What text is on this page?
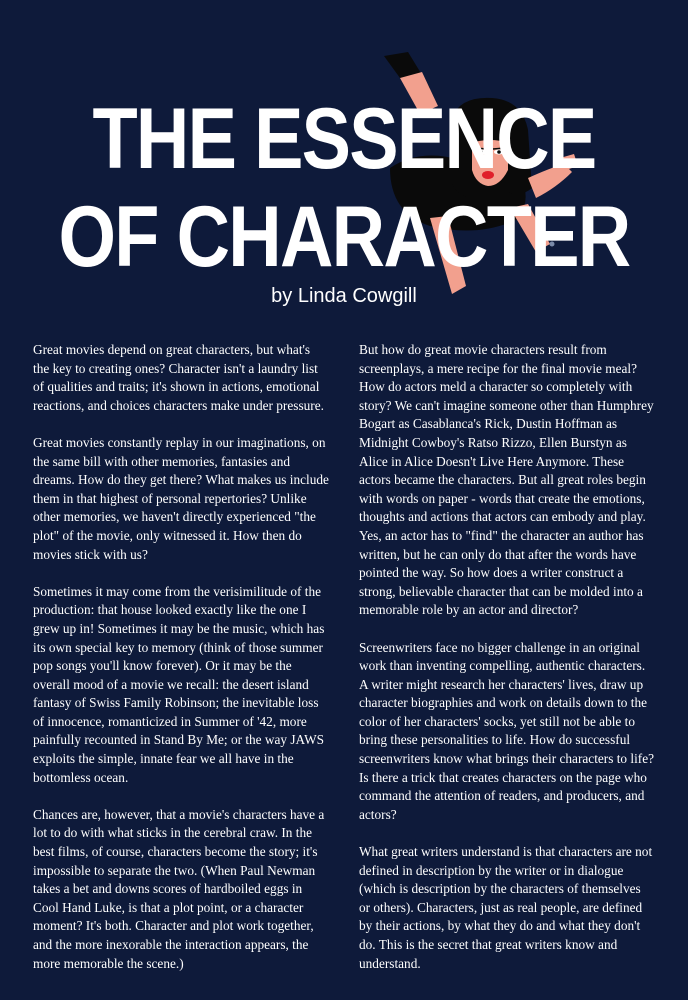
THE ESSENCE
OF CHARACTER

by Linda Cowgill

Great movies depend on great characters, but what's the key to creating ones? Character isn't a laundry list of qualities and traits; it's shown in actions, emotional reactions, and choices characters make under pressure.

Great movies constantly replay in our imaginations, on the same bill with other memories, fantasies and dreams. How do they get there? What makes us include them in that highest of personal repertories? Unlike other memories, we haven't directly experienced "the plot" of the movie, only witnessed it. How then do movies stick with us?

Sometimes it may come from the verisimilitude of the production: that house looked exactly like the one I grew up in! Sometimes it may be the music, which has its own special key to memory (think of those summer pop songs you'll know forever). Or it may be the overall mood of a movie we recall: the desert island fantasy of Swiss Family Robinson; the inevitable loss of innocence, romanticized in Summer of '42, more painfully recounted in Stand By Me; or the way JAWS exploits the simple, innate fear we all have in the bottomless ocean.

Chances are, however, that a movie's characters have a lot to do with what sticks in the cerebral craw. In the best films, of course, characters become the story; it's impossible to separate the two. (When Paul Newman takes a bet and downs scores of hardboiled eggs in Cool Hand Luke, is that a plot point, or a character moment? It's both. Character and plot work together, and the more inexorable the interaction appears, the more memorable the scene.)

But how do great movie characters result from screenplays, a mere recipe for the final movie meal? How do actors meld a character so completely with story? We can't imagine someone other than Humphrey Bogart as Casablanca's Rick, Dustin Hoffman as Midnight Cowboy's Ratso Rizzo, Ellen Burstyn as Alice in Alice Doesn't Live Here Anymore. These actors became the characters. But all great roles begin with words on paper - words that create the emotions, thoughts and actions that actors can embody and play. Yes, an actor has to "find" the character an author has written, but he can only do that after the words have pointed the way. So how does a writer construct a strong, believable character that can be molded into a memorable role by an actor and director?

Screenwriters face no bigger challenge in an original work than inventing compelling, authentic characters. A writer might research her characters' lives, draw up character biographies and work on details down to the color of her characters' socks, yet still not be able to bring these personalities to life. How do successful screenwriters know what brings their characters to life? Is there a trick that creates characters on the page who command the attention of readers, and producers, and actors?

What great writers understand is that characters are not defined in description by the writer or in dialogue (which is description by the characters of themselves or others). Characters, just as real people, are defined by their actions, by what they do and what they don't do. This is the secret that great writers know and understand.
